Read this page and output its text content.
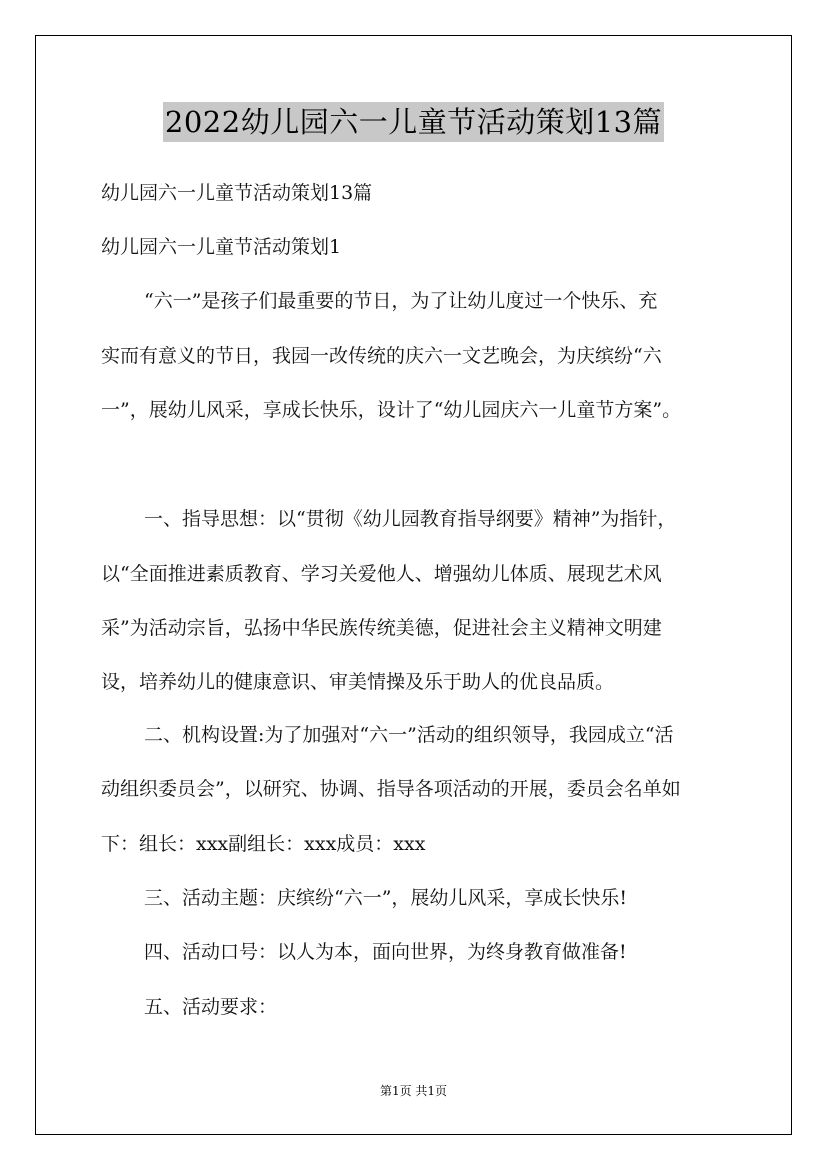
2022幼儿园六一儿童节活动策划13篇
幼儿园六一儿童节活动策划13篇
幼儿园六一儿童节活动策划1
“六一”是孩子们最重要的节日，为了让幼儿度过一个快乐、充
实而有意义的节日，我园一改传统的庆六一文艺晚会，为庆缤纷“六
一”，展幼儿风采，享成长快乐，设计了“幼儿园庆六一儿童节方案”。
一、指导思想：以“贯彻《幼儿园教育指导纲要》精神”为指针，
以“全面推进素质教育、学习关爱他人、增强幼儿体质、展现艺术风
采”为活动宗旨，弘扬中华民族传统美德，促进社会主义精神文明建
设，培养幼儿的健康意识、审美情操及乐于助人的优良品质。
二、机构设置:为了加强对“六一”活动的组织领导，我园成立“活
动组织委员会”，以研究、协调、指导各项活动的开展，委员会名单如
下：组长：xxx副组长：xxx成员：xxx
三、活动主题：庆缤纷“六一”，展幼儿风采，享成长快乐!
四、活动口号：以人为本，面向世界，为终身教育做准备!
五、活动要求：
第1页 共1页
